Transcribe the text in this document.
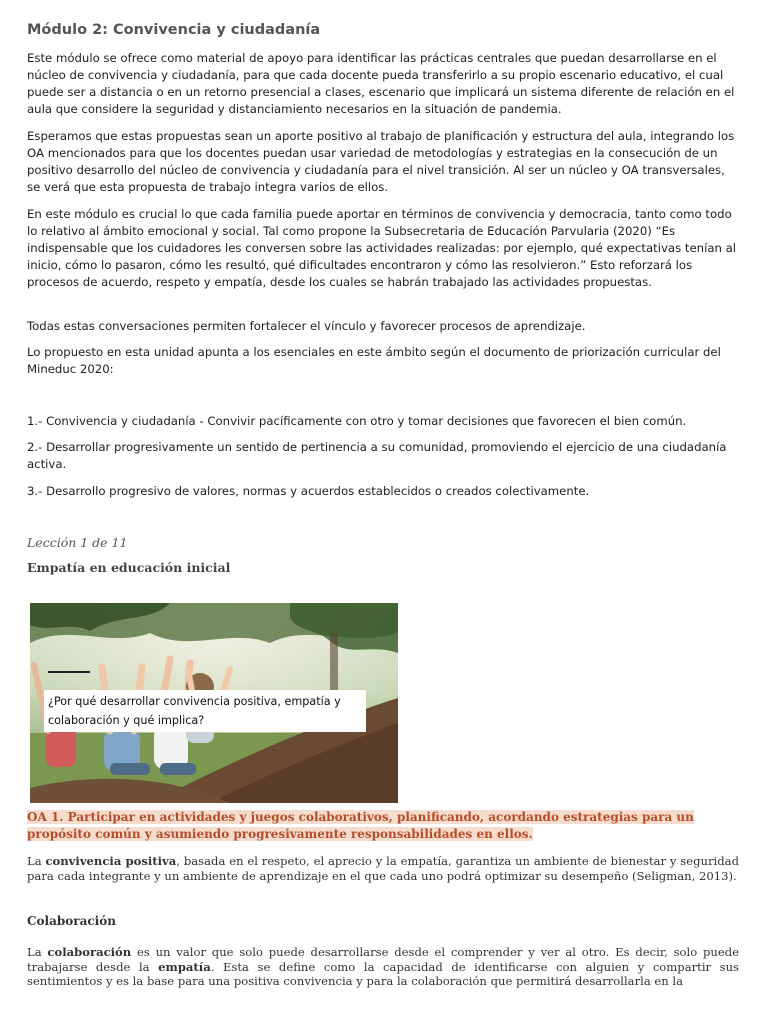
Módulo 2: Convivencia y ciudadanía

Este módulo se ofrece como material de apoyo para identificar las prácticas centrales que puedan desarrollarse en el núcleo de convivencia y ciudadanía, para que cada docente pueda transferirlo a su propio escenario educativo, el cual puede ser a distancia o en un retorno presencial a clases, escenario que implicará un sistema diferente de relación en el aula que considere la seguridad y distanciamiento necesarios en la situación de pandemia.

Esperamos que estas propuestas sean un aporte positivo al trabajo de planificación y estructura del aula, integrando los OA mencionados para que los docentes puedan usar variedad de metodologías y estrategias en la consecución de un positivo desarrollo del núcleo de convivencia y ciudadanía para el nivel transición. Al ser un núcleo y OA transversales, se verá que esta propuesta de trabajo integra varios de ellos.

En este módulo es crucial lo que cada familia puede aportar en términos de convivencia y democracia, tanto como todo lo relativo al ámbito emocional y social. Tal como propone la Subsecretaria de Educación Parvularia (2020) “Es indispensable que los cuidadores les conversen sobre las actividades realizadas: por ejemplo, qué expectativas tenían al inicio, cómo lo pasaron, cómo les resultó, qué dificultades encontraron y cómo las resolvieron.” Esto reforzará los procesos de acuerdo, respeto y empatía, desde los cuales se habrán trabajado las actividades propuestas.

Todas estas conversaciones permiten fortalecer el vínculo y favorecer procesos de aprendizaje.

Lo propuesto en esta unidad apunta a los esenciales en este ámbito según el documento de priorización curricular del Mineduc 2020:

1.- Convivencia y ciudadanía - Convivir pacíficamente con otro y tomar decisiones que favorecen el bien común.

2.- Desarrollar progresivamente un sentido de pertinencia a su comunidad, promoviendo el ejercicio de una ciudadanía activa.

3.- Desarrollo progresivo de valores, normas y acuerdos establecidos o creados colectivamente.

Lección 1 de 11

Empatía en educación inicial

¿Por qué desarrollar convivencia positiva, empatía y colaboración y qué implica?

OA 1. Participar en actividades y juegos colaborativos, planificando, acordando estrategias para un propósito común y asumiendo progresivamente responsabilidades en ellos.

La convivencia positiva, basada en el respeto, el aprecio y la empatía, garantiza un ambiente de bienestar y seguridad para cada integrante y un ambiente de aprendizaje en el que cada uno podrá optimizar su desempeño (Seligman, 2013).

Colaboración

La colaboración es un valor que solo puede desarrollarse desde el comprender y ver al otro. Es decir, solo puede trabajarse desde la empatía. Esta se define como la capacidad de identificarse con alguien y compartir sus sentimientos y es la base para una positiva convivencia y para la colaboración que permitirá desarrollarla en la
